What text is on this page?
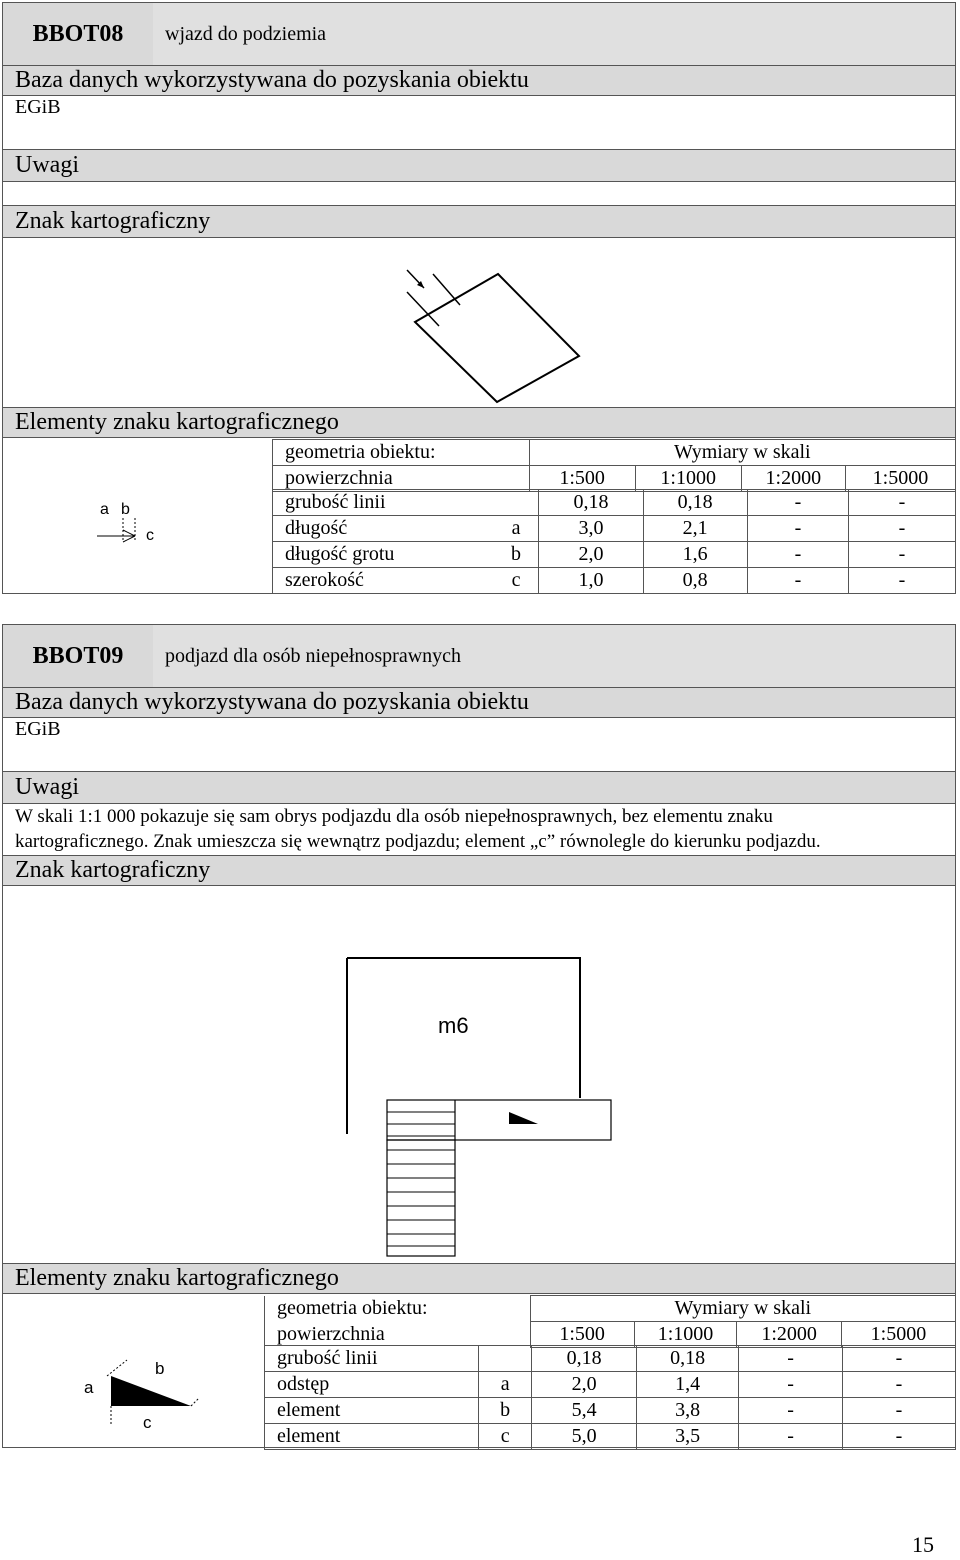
BBOT08	wjazd do podziemia
Baza danych wykorzystywana do pozyskania obiektu
EGiB
Uwagi
Znak kartograficzny
Elementy znaku kartograficznego
a b
c
geometria obiektu:	Wymiary w skali			
powierzchnia	1:500	1:1000	1:2000	1:5000
grubość linii		0,18	0,18	-	-
długość	a	3,0	2,1	-	-
długość grotu	b	2,0	1,6	-	-
szerokość	c	1,0	0,8	-	-
BBOT09	podjazd dla osób niepełnosprawnych
Baza danych wykorzystywana do pozyskania obiektu
EGiB
Uwagi
W skali 1:1 000 pokazuje się sam obrys podjazdu dla osób niepełnosprawnych, bez elementu znaku
kartograficznego. Znak umieszcza się wewnątrz podjazdu; element „c” równolegle do kierunku podjazdu.
Znak kartograficzny
m6
Elementy znaku kartograficznego
a
b
c
geometria obiektu:	Wymiary w skali			
powierzchnia	1:500	1:1000	1:2000	1:5000
grubość linii		0,18	0,18	-	-
odstęp	a	2,0	1,4	-	-
element	b	5,4	3,8	-	-
element	c	5,0	3,5	-	-
15
